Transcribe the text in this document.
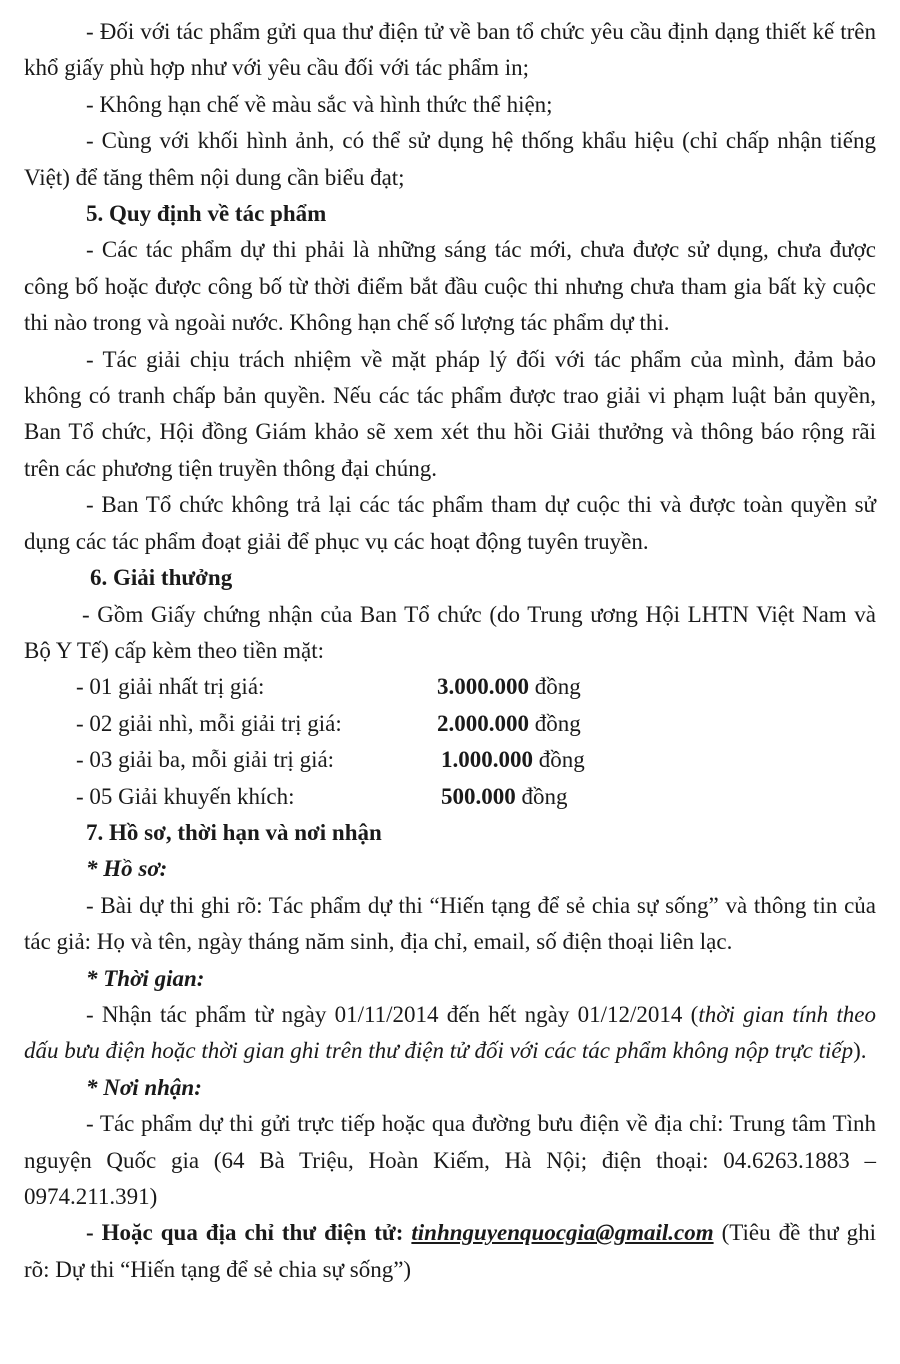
- Đối với tác phẩm gửi qua thư điện tử về ban tổ chức yêu cầu định dạng thiết kế trên khổ giấy phù hợp như với yêu cầu đối với tác phẩm in;

- Không hạn chế về màu sắc và hình thức thể hiện;

- Cùng với khối hình ảnh, có thể sử dụng hệ thống khẩu hiệu (chỉ chấp nhận tiếng Việt) để tăng thêm nội dung cần biểu đạt;

5. Quy định về tác phẩm

- Các tác phẩm dự thi phải là những sáng tác mới, chưa được sử dụng, chưa được công bố hoặc được công bố từ thời điểm bắt đầu cuộc thi nhưng chưa tham gia bất kỳ cuộc thi nào trong và ngoài nước. Không hạn chế số lượng tác phẩm dự thi.

- Tác giải chịu trách nhiệm về mặt pháp lý đối với tác phẩm của mình, đảm bảo không có tranh chấp bản quyền. Nếu các tác phẩm được trao giải vi phạm luật bản quyền, Ban Tổ chức, Hội đồng Giám khảo sẽ xem xét thu hồi Giải thưởng và thông báo rộng rãi trên các phương tiện truyền thông đại chúng.

- Ban Tổ chức không trả lại các tác phẩm tham dự cuộc thi và được toàn quyền sử dụng các tác phẩm đoạt giải để phục vụ các hoạt động tuyên truyền.

6. Giải thưởng

- Gồm Giấy chứng nhận của Ban Tổ chức (do Trung ương Hội LHTN Việt Nam và Bộ Y Tế) cấp kèm theo tiền mặt:

- 01 giải nhất trị giá:	3.000.000 đồng
- 02 giải nhì, mỗi giải trị giá:	2.000.000 đồng
- 03 giải ba, mỗi giải trị giá:	1.000.000 đồng
- 05 Giải khuyến khích:	500.000 đồng

7. Hồ sơ, thời hạn và nơi nhận

* Hồ sơ:

- Bài dự thi ghi rõ: Tác phẩm dự thi “Hiến tạng để sẻ chia sự sống” và thông tin của tác giả: Họ và tên, ngày tháng năm sinh, địa chỉ, email, số điện thoại liên lạc.

* Thời gian:

- Nhận tác phẩm từ ngày 01/11/2014 đến hết ngày 01/12/2014 (thời gian tính theo dấu bưu điện hoặc thời gian ghi trên thư điện tử đối với các tác phẩm không nộp trực tiếp).

* Nơi nhận:

- Tác phẩm dự thi gửi trực tiếp hoặc qua đường bưu điện về địa chỉ: Trung tâm Tình nguyện Quốc gia (64 Bà Triệu, Hoàn Kiếm, Hà Nội; điện thoại: 04.6263.1883 – 0974.211.391)

- Hoặc qua địa chỉ thư điện tử: tinhnguyenquocgia@gmail.com (Tiêu đề thư ghi rõ: Dự thi “Hiến tạng để sẻ chia sự sống”)
